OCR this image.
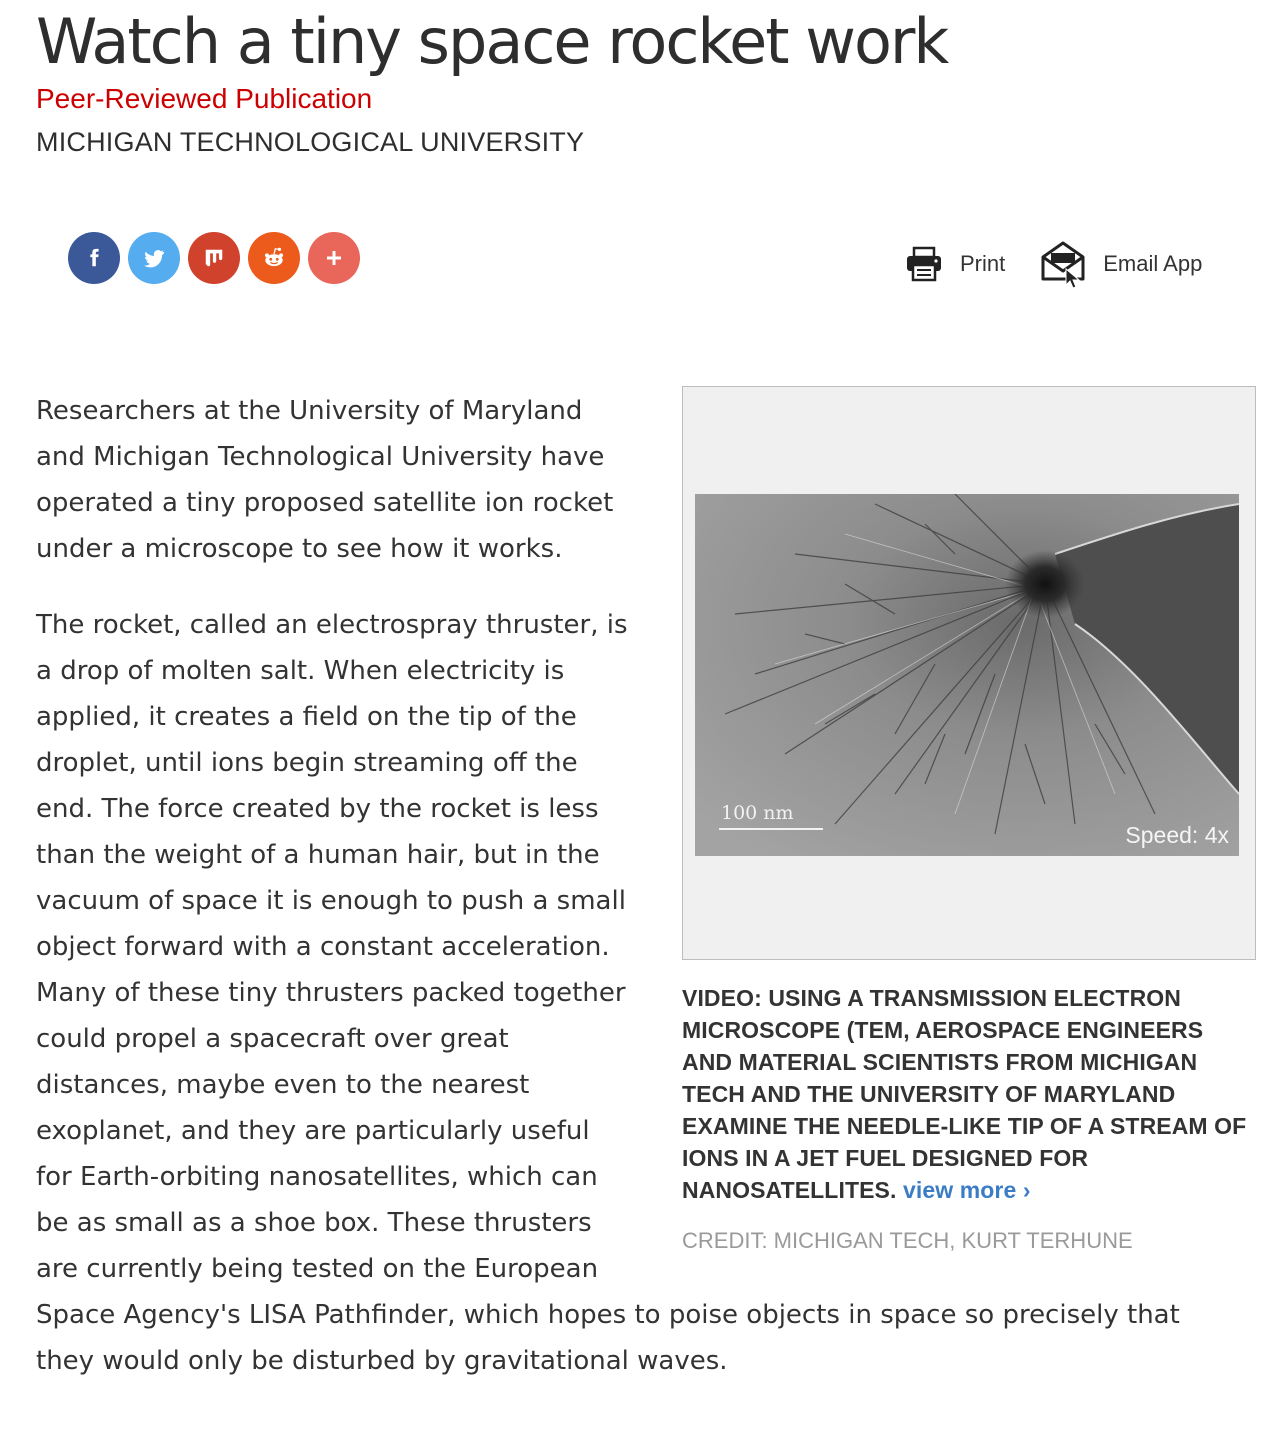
Watch a tiny space rocket work
Peer-Reviewed Publication
MICHIGAN TECHNOLOGICAL UNIVERSITY
Print	Email App

Researchers at the University of Maryland and Michigan Technological University have operated a tiny proposed satellite ion rocket under a microscope to see how it works.

The rocket, called an electrospray thruster, is a drop of molten salt. When electricity is applied, it creates a field on the tip of the droplet, until ions begin streaming off the end. The force created by the rocket is less than the weight of a human hair, but in the vacuum of space it is enough to push a small object forward with a constant acceleration. Many of these tiny thrusters packed together could propel a spacecraft over great distances, maybe even to the nearest exoplanet, and they are particularly useful for Earth-orbiting nanosatellites, which can be as small as a shoe box. These thrusters are currently being tested on the European Space Agency's LISA Pathfinder, which hopes to poise objects in space so precisely that they would only be disturbed by gravitational waves.

100 nm
Speed: 4x
VIDEO: USING A TRANSMISSION ELECTRON MICROSCOPE (TEM, AEROSPACE ENGINEERS AND MATERIAL SCIENTISTS FROM MICHIGAN TECH AND THE UNIVERSITY OF MARYLAND EXAMINE THE NEEDLE-LIKE TIP OF A STREAM OF IONS IN A JET FUEL DESIGNED FOR NANOSATELLITES. view more ›
CREDIT: MICHIGAN TECH, KURT TERHUNE
